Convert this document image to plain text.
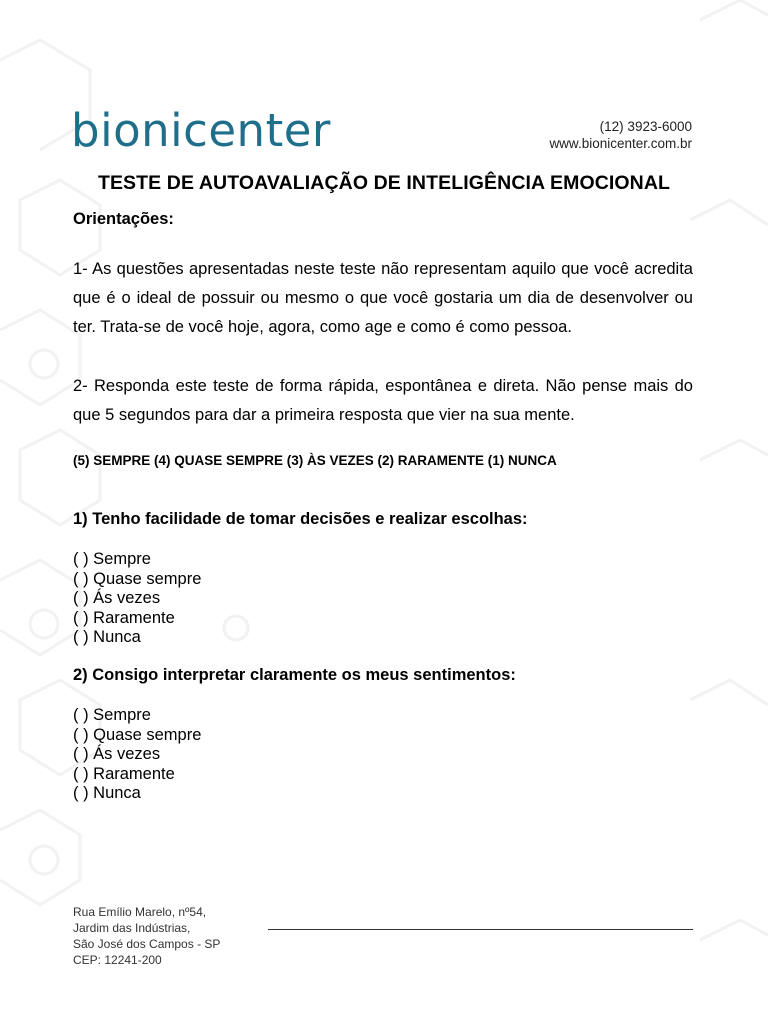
bionicenter	(12) 3923-6000
www.bionicenter.com.br
TESTE DE AUTOAVALIAÇÃO DE INTELIGÊNCIA EMOCIONAL
Orientações:
1- As questões apresentadas neste teste não representam aquilo que você acredita que é o ideal de possuir ou mesmo o que você gostaria um dia de desenvolver ou ter. Trata-se de você hoje, agora, como age e como é como pessoa.
2- Responda este teste de forma rápida, espontânea e direta. Não pense mais do que 5 segundos para dar a primeira resposta que vier na sua mente.
(5) SEMPRE (4) QUASE SEMPRE (3) ÀS VEZES (2) RARAMENTE (1) NUNCA
1) Tenho facilidade de tomar decisões e realizar escolhas:
( ) Sempre
( ) Quase sempre
( ) Ás vezes
( ) Raramente
( ) Nunca
2) Consigo interpretar claramente os meus sentimentos:
( ) Sempre
( ) Quase sempre
( ) Ás vezes
( ) Raramente
( ) Nunca
Rua Emílio Marelo, nº54,
Jardim das Indústrias,
São José dos Campos - SP
CEP: 12241-200
